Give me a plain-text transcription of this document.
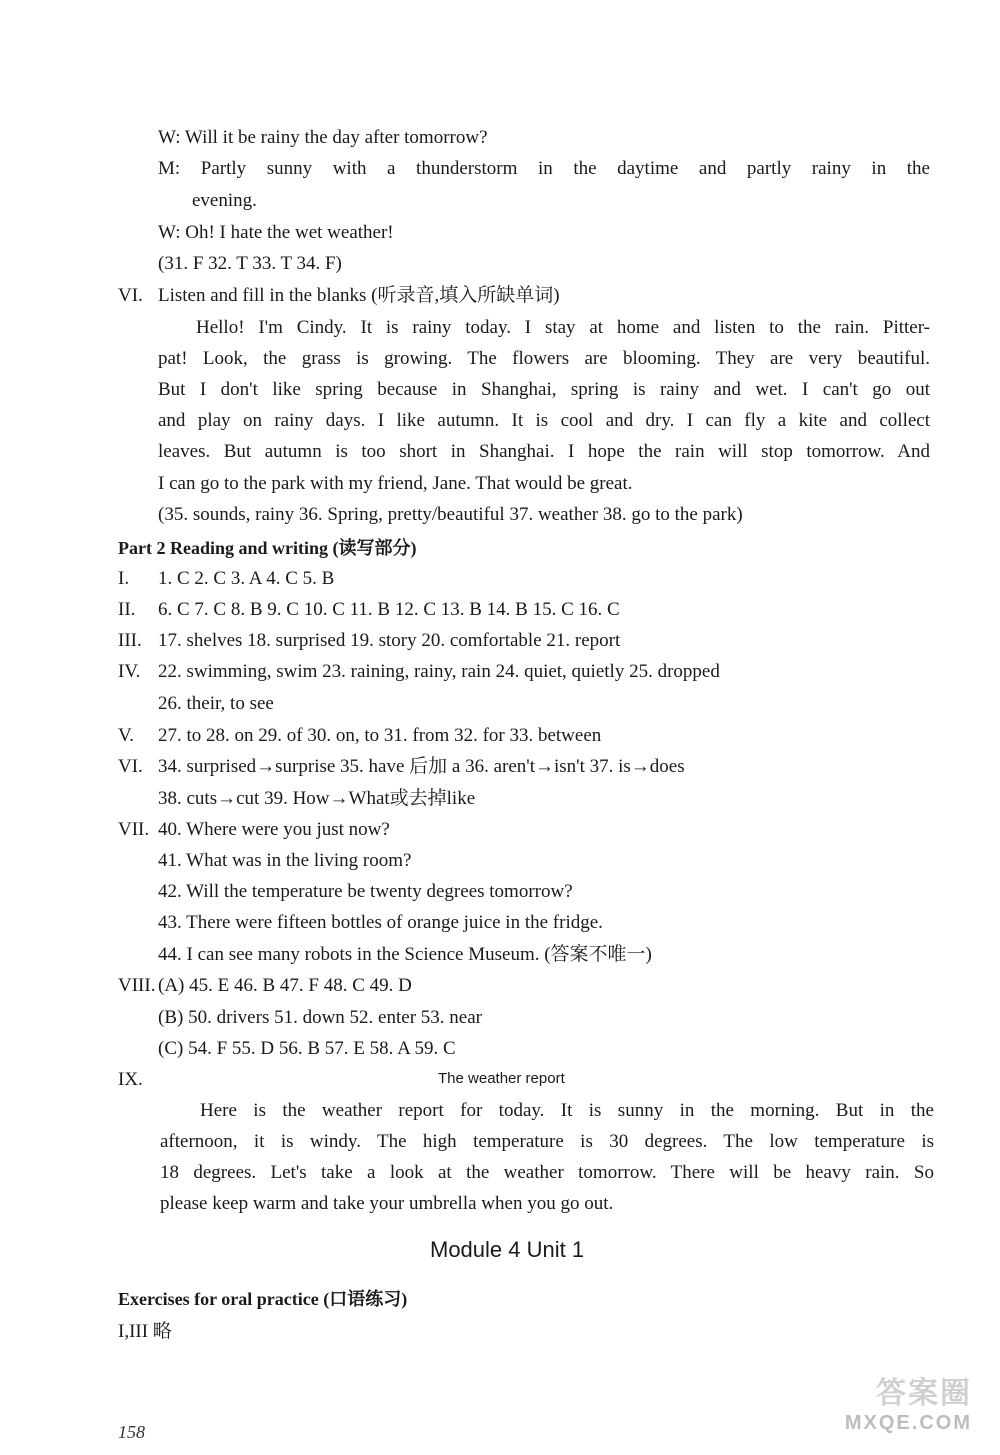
W: Will it be rainy the day after tomorrow?
M: Partly sunny with a thunderstorm in the daytime and partly rainy in the
evening.
W: Oh! I hate the wet weather!
(31. F 32. T 33. T 34. F)
VI. Listen and fill in the blanks (听录音,填入所缺单词)
Hello! I'm Cindy. It is rainy today. I stay at home and listen to the rain. Pitter-
pat! Look, the grass is growing. The flowers are blooming. They are very beautiful.
But I don't like spring because in Shanghai, spring is rainy and wet. I can't go out
and play on rainy days. I like autumn. It is cool and dry. I can fly a kite and collect
leaves. But autumn is too short in Shanghai. I hope the rain will stop tomorrow. And
I can go to the park with my friend, Jane. That would be great.
(35. sounds, rainy 36. Spring, pretty/beautiful 37. weather 38. go to the park)
Part 2 Reading and writing (读写部分)
I. 1. C 2. C 3. A 4. C 5. B
II. 6. C 7. C 8. B 9. C 10. C 11. B 12. C 13. B 14. B 15. C 16. C
III. 17. shelves 18. surprised 19. story 20. comfortable 21. report
IV. 22. swimming, swim 23. raining, rainy, rain 24. quiet, quietly 25. dropped
26. their, to see
V. 27. to 28. on 29. of 30. on, to 31. from 32. for 33. between
VI. 34. surprised→surprise 35. have 后加 a 36. aren't→isn't 37. is→does
38. cuts→cut 39. How→What或去掉like
VII. 40. Where were you just now?
41. What was in the living room?
42. Will the temperature be twenty degrees tomorrow?
43. There were fifteen bottles of orange juice in the fridge.
44. I can see many robots in the Science Museum. (答案不唯一)
VIII. (A) 45. E 46. B 47. F 48. C 49. D
(B) 50. drivers 51. down 52. enter 53. near
(C) 54. F 55. D 56. B 57. E 58. A 59. C
IX.	The weather report
Here is the weather report for today. It is sunny in the morning. But in the
afternoon, it is windy. The high temperature is 30 degrees. The low temperature is
18 degrees. Let's take a look at the weather tomorrow. There will be heavy rain. So
please keep warm and take your umbrella when you go out.
Module 4 Unit 1
Exercises for oral practice (口语练习)
I,III 略
158
答案圈
MXQE.COM
